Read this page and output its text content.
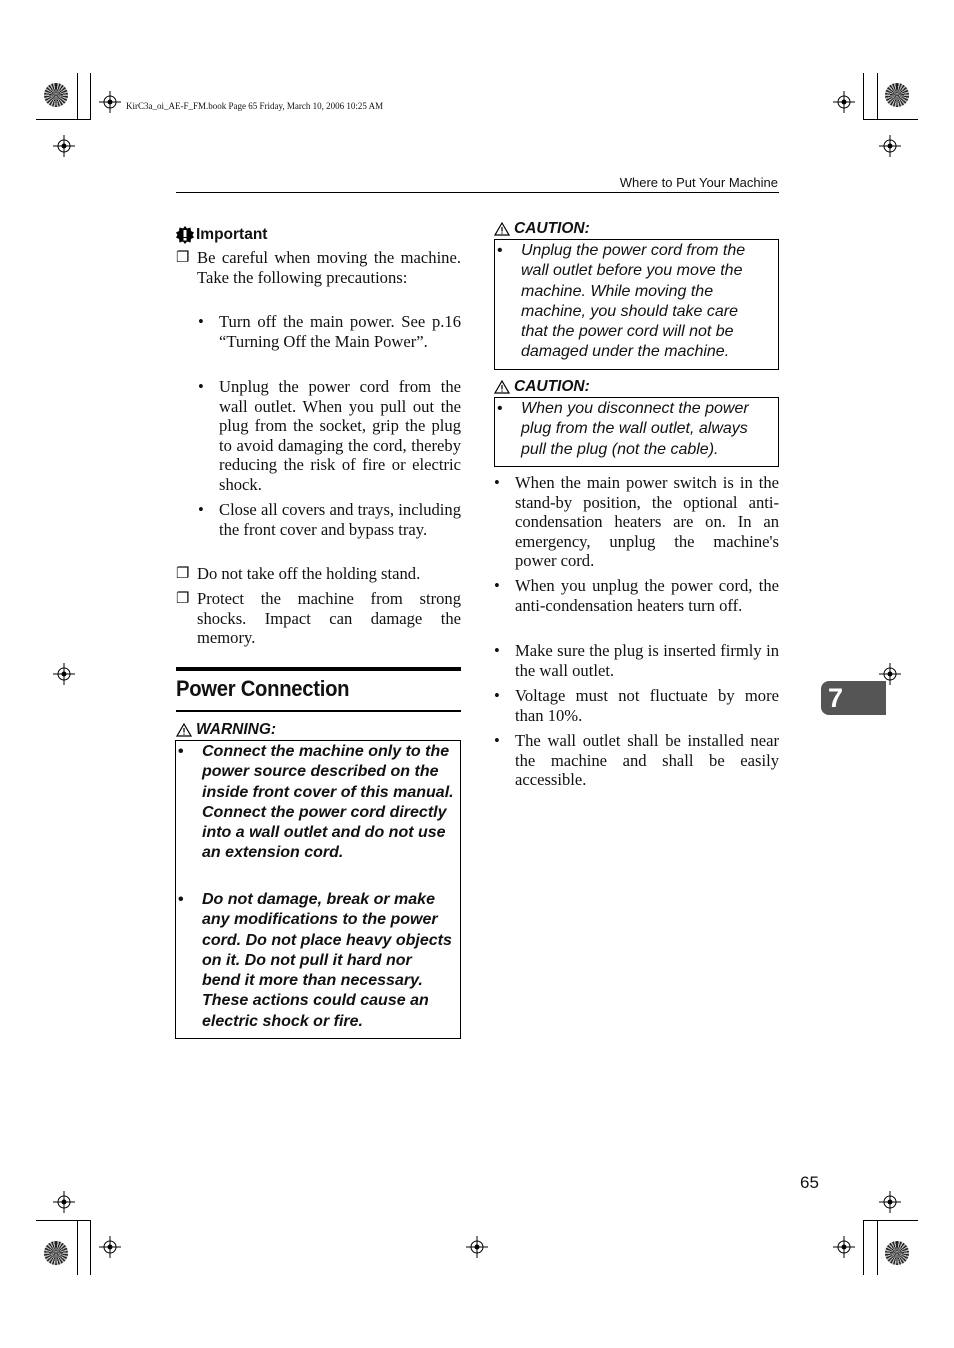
KirC3a_oi_AE-F_FM.book Page 65 Friday, March 10, 2006 10:25 AM
Where to Put Your Machine
Important
❐ Be careful when moving the machine. Take the following precautions:
• Turn off the main power. See p.16 “Turning Off the Main Power”.
• Unplug the power cord from the wall outlet. When you pull out the plug from the socket, grip the plug to avoid damaging the cord, thereby reducing the risk of fire or electric shock.
• Close all covers and trays, including the front cover and bypass tray.
❐ Do not take off the holding stand.
❐ Protect the machine from strong shocks. Impact can damage the memory.
Power Connection
WARNING:
• Connect the machine only to the power source described on the inside front cover of this manual. Connect the power cord directly into a wall outlet and do not use an extension cord.
• Do not damage, break or make any modifications to the power cord. Do not place heavy objects on it. Do not pull it hard nor bend it more than necessary. These actions could cause an electric shock or fire.
CAUTION:
• Unplug the power cord from the wall outlet before you move the machine. While moving the machine, you should take care that the power cord will not be damaged under the machine.
CAUTION:
• When you disconnect the power plug from the wall outlet, always pull the plug (not the cable).
• When the main power switch is in the stand-by position, the optional anti-condensation heaters are on. In an emergency, unplug the machine's power cord.
• When you unplug the power cord, the anti-condensation heaters turn off.
• Make sure the plug is inserted firmly in the wall outlet.
• Voltage must not fluctuate by more than 10%.
• The wall outlet shall be installed near the machine and shall be easily accessible.
7
65
